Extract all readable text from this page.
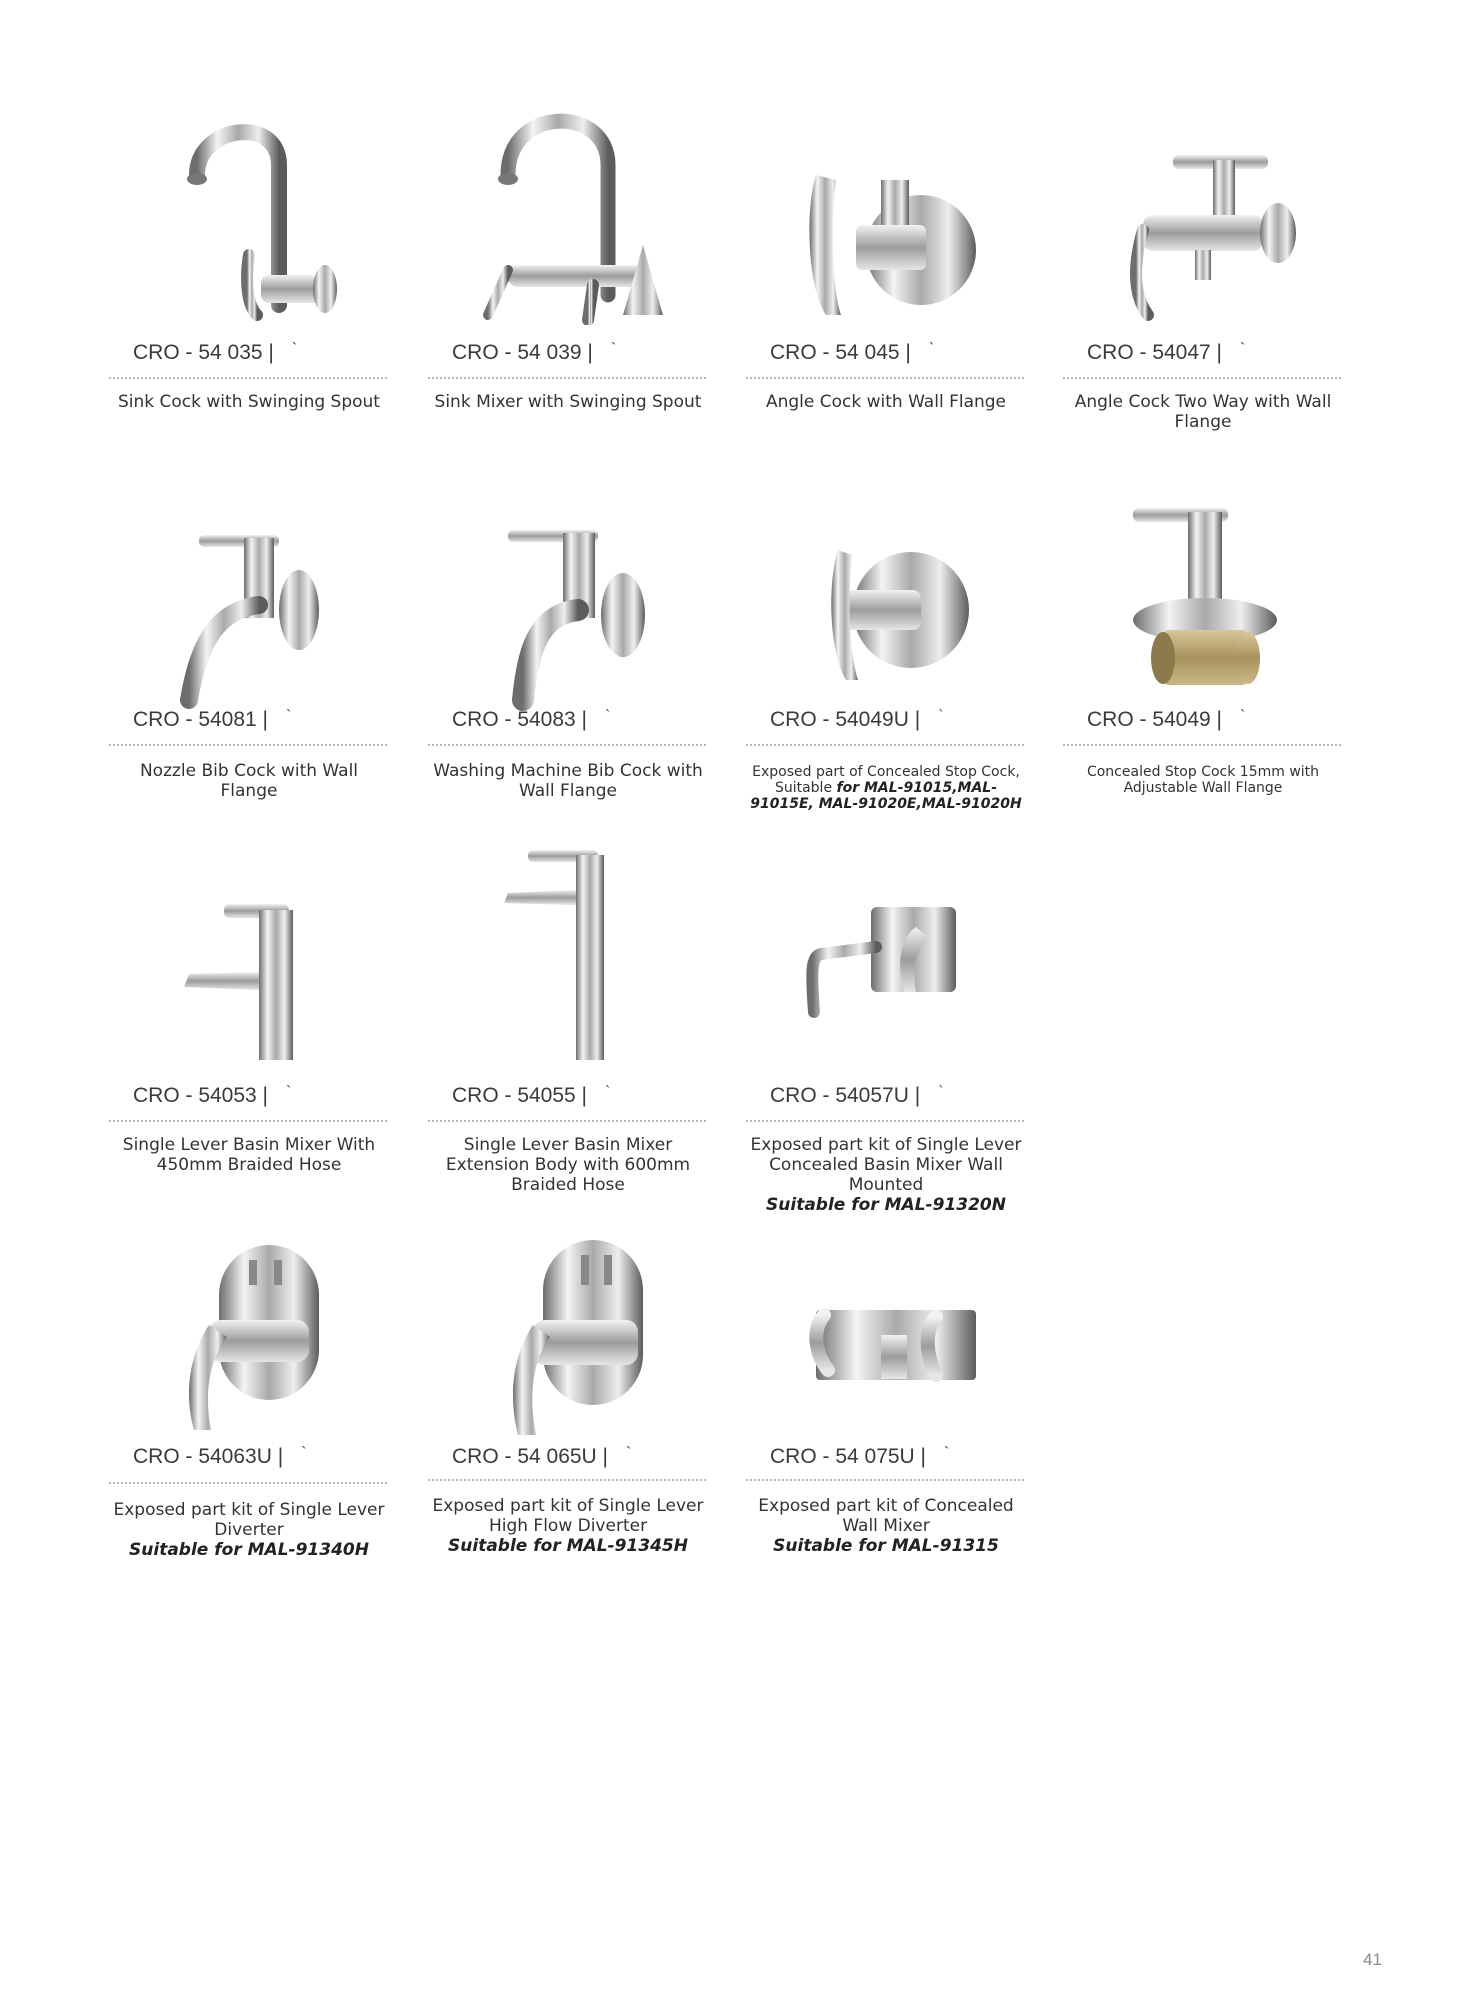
CRO - 54 035 | `
Sink Cock with Swinging Spout
CRO - 54 039 | `
Sink Mixer with Swinging Spout
CRO - 54 045 | `
Angle Cock with Wall Flange
CRO - 54047 | `
Angle Cock Two Way with Wall Flange
CRO - 54081 | `
Nozzle Bib Cock with Wall Flange
CRO - 54083 | `
Washing Machine Bib Cock with Wall Flange
CRO - 54049U | `
Exposed part of Concealed Stop Cock, Suitable for MAL-91015,MAL-91015E, MAL-91020E,MAL-91020H
CRO - 54049 | `
Concealed Stop Cock 15mm with Adjustable Wall Flange
CRO - 54053 | `
Single Lever Basin Mixer With 450mm Braided Hose
CRO - 54055 | `
Single Lever Basin Mixer Extension Body with 600mm Braided Hose
CRO - 54057U | `
Exposed part kit of Single Lever Concealed Basin Mixer Wall Mounted
Suitable for MAL-91320N
CRO - 54063U | `
Exposed part kit of Single Lever Diverter
Suitable for MAL-91340H
CRO - 54 065U | `
Exposed part kit of Single Lever High Flow Diverter
Suitable for MAL-91345H
CRO - 54 075U | `
Exposed part kit of Concealed Wall Mixer
Suitable for MAL-91315
41
